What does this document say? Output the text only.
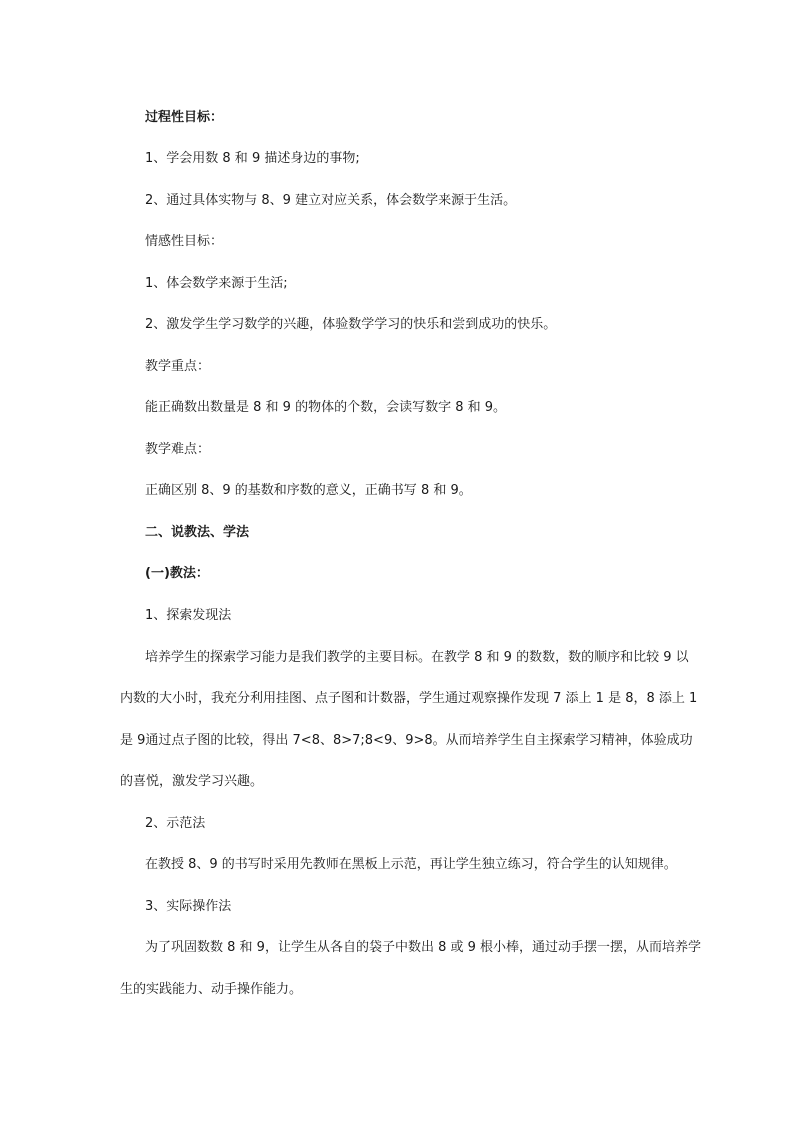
过程性目标：
1、学会用数 8 和 9 描述身边的事物;
2、通过具体实物与 8、9 建立对应关系，体会数学来源于生活。
情感性目标：
1、体会数学来源于生活;
2、激发学生学习数学的兴趣，体验数学学习的快乐和尝到成功的快乐。
教学重点：
能正确数出数量是 8 和 9 的物体的个数，会读写数字 8 和 9。
教学难点：
正确区别 8、9 的基数和序数的意义，正确书写 8 和 9。
二、说教法、学法
(一)教法：
1、探索发现法
培养学生的探索学习能力是我们教学的主要目标。在教学 8 和 9 的数数，数的顺序和比较 9 以
内数的大小时，我充分利用挂图、点子图和计数器，学生通过观察操作发现 7 添上 1 是 8，8 添上 1
是 9通过点子图的比较，得出 7<8、8>7;8<9、9>8。从而培养学生自主探索学习精神，体验成功
的喜悦，激发学习兴趣。
2、示范法
在教授 8、9 的书写时采用先教师在黑板上示范，再让学生独立练习，符合学生的认知规律。
3、实际操作法
为了巩固数数 8 和 9，让学生从各自的袋子中数出 8 或 9 根小棒，通过动手摆一摆，从而培养学
生的实践能力、动手操作能力。
